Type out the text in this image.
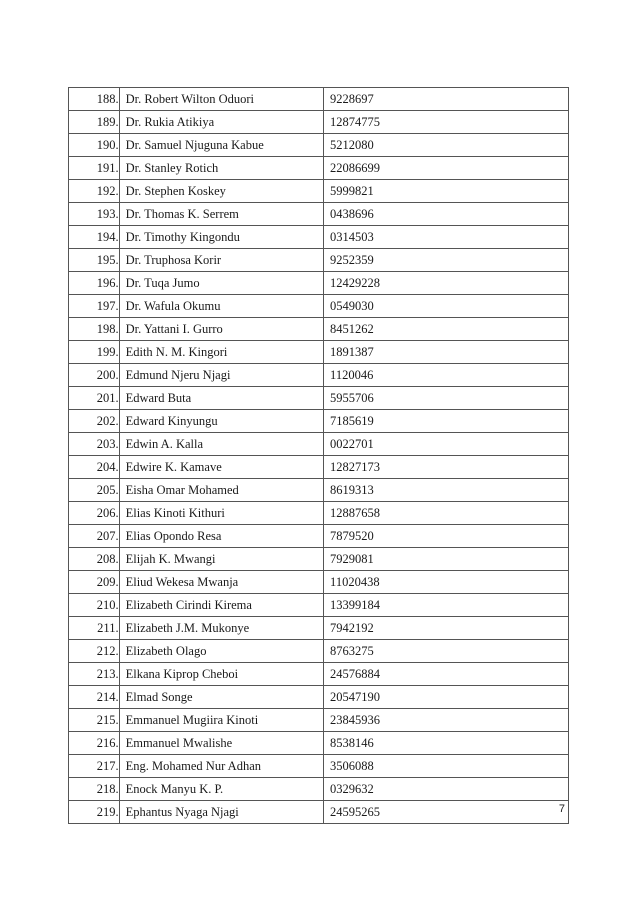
188.	Dr. Robert Wilton Oduori	9228697
189.	Dr. Rukia Atikiya	12874775
190.	Dr. Samuel Njuguna Kabue	5212080
191.	Dr. Stanley Rotich	22086699
192.	Dr. Stephen Koskey	5999821
193.	Dr. Thomas K. Serrem	0438696
194.	Dr. Timothy Kingondu	0314503
195.	Dr. Truphosa Korir	9252359
196.	Dr. Tuqa Jumo	12429228
197.	Dr. Wafula Okumu	0549030
198.	Dr. Yattani I. Gurro	8451262
199.	Edith N. M. Kingori	1891387
200.	Edmund Njeru Njagi	1120046
201.	Edward Buta	5955706
202.	Edward Kinyungu	7185619
203.	Edwin A. Kalla	0022701
204.	Edwire K. Kamave	12827173
205.	Eisha Omar Mohamed	8619313
206.	Elias Kinoti Kithuri	12887658
207.	Elias Opondo Resa	7879520
208.	Elijah K. Mwangi	7929081
209.	Eliud Wekesa Mwanja	11020438
210.	Elizabeth Cirindi Kirema	13399184
211.	Elizabeth J.M. Mukonye	7942192
212.	Elizabeth Olago	8763275
213.	Elkana Kiprop Cheboi	24576884
214.	Elmad Songe	20547190
215.	Emmanuel Mugiira Kinoti	23845936
216.	Emmanuel Mwalishe	8538146
217.	Eng. Mohamed Nur Adhan	3506088
218.	Enock Manyu K. P.	0329632
219.	Ephantus Nyaga Njagi	24595265	7
